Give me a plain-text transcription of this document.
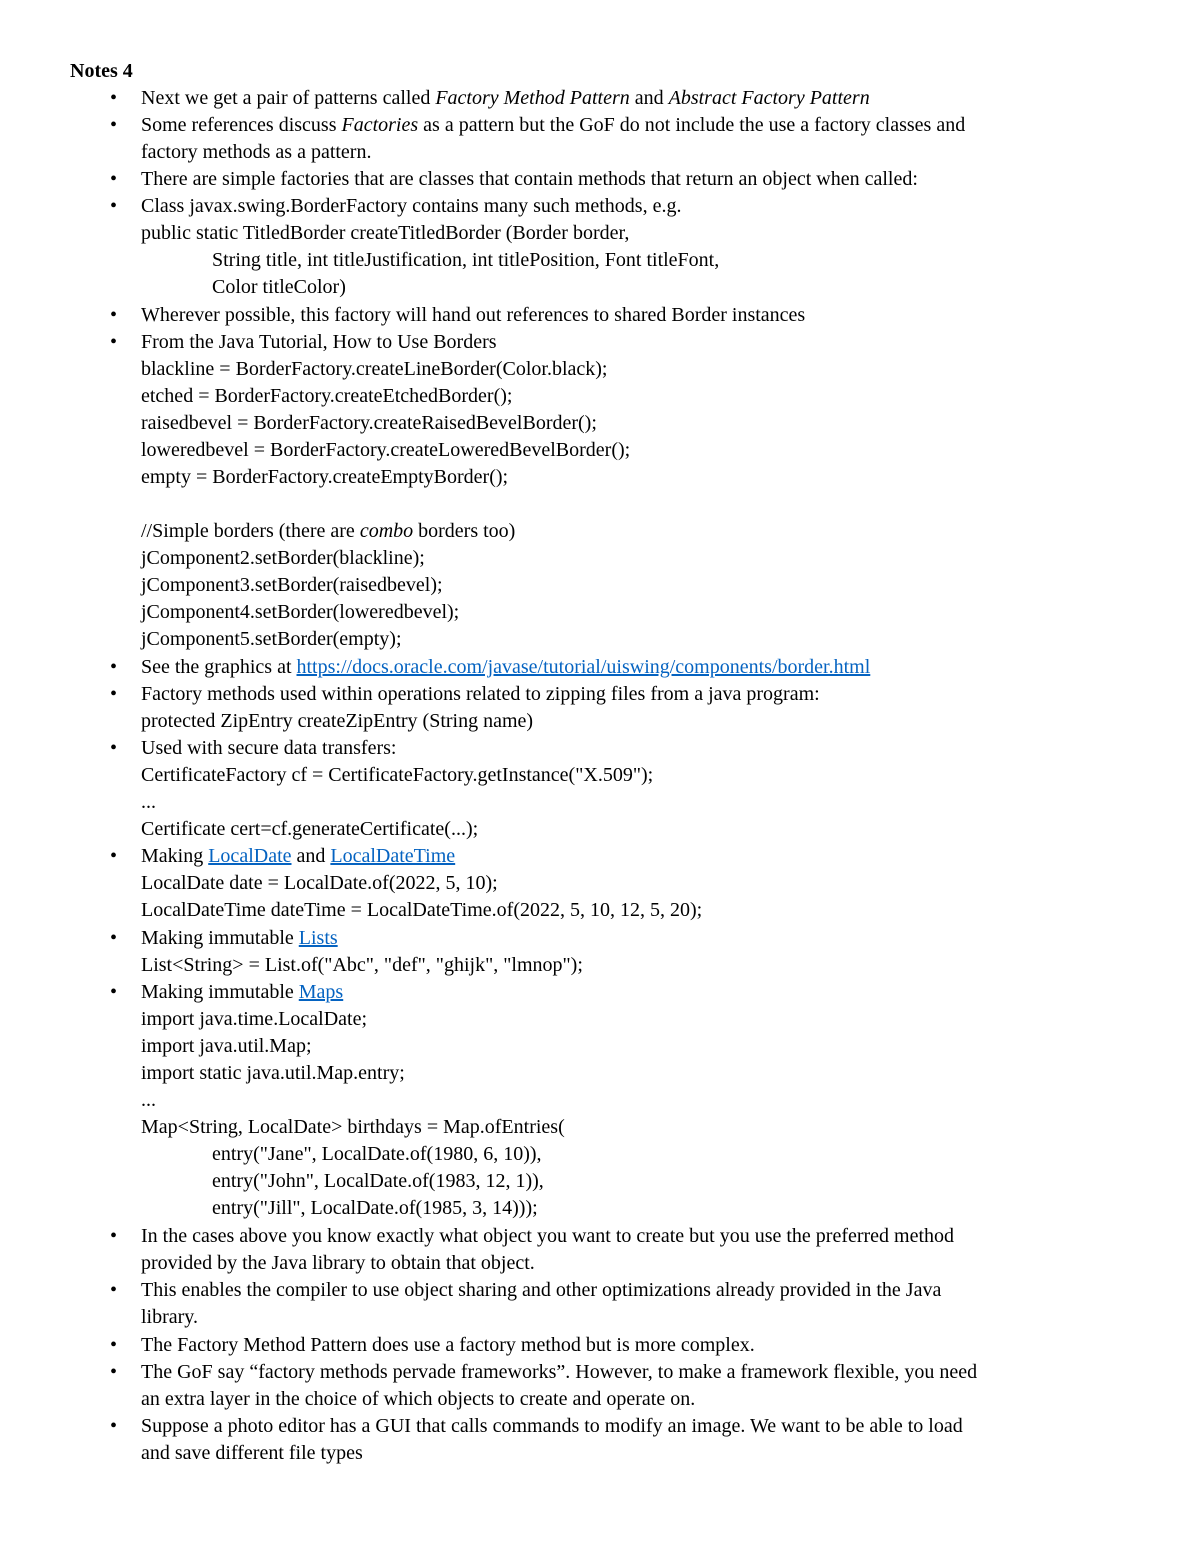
Notes 4
• Next we get a pair of patterns called Factory Method Pattern and Abstract Factory Pattern
• Some references discuss Factories as a pattern but the GoF do not include the use a factory classes and
factory methods as a pattern.
• There are simple factories that are classes that contain methods that return an object when called:
• Class javax.swing.BorderFactory contains many such methods, e.g.
public static TitledBorder createTitledBorder (Border border,
String title, int titleJustification, int titlePosition, Font titleFont,
Color titleColor)
• Wherever possible, this factory will hand out references to shared Border instances
• From the Java Tutorial, How to Use Borders
blackline = BorderFactory.createLineBorder(Color.black);
etched = BorderFactory.createEtchedBorder();
raisedbevel = BorderFactory.createRaisedBevelBorder();
loweredbevel = BorderFactory.createLoweredBevelBorder();
empty = BorderFactory.createEmptyBorder();
//Simple borders (there are combo borders too)
jComponent2.setBorder(blackline);
jComponent3.setBorder(raisedbevel);
jComponent4.setBorder(loweredbevel);
jComponent5.setBorder(empty);
• See the graphics at https://docs.oracle.com/javase/tutorial/uiswing/components/border.html
• Factory methods used within operations related to zipping files from a java program:
protected ZipEntry createZipEntry (String name)
• Used with secure data transfers:
CertificateFactory cf = CertificateFactory.getInstance("X.509");
...
Certificate cert=cf.generateCertificate(...);
• Making LocalDate and LocalDateTime
LocalDate date = LocalDate.of(2022, 5, 10);
LocalDateTime dateTime = LocalDateTime.of(2022, 5, 10, 12, 5, 20);
• Making immutable Lists
List<String> = List.of("Abc", "def", "ghijk", "lmnop");
• Making immutable Maps
import java.time.LocalDate;
import java.util.Map;
import static java.util.Map.entry;
...
Map<String, LocalDate> birthdays = Map.ofEntries(
entry("Jane", LocalDate.of(1980, 6, 10)),
entry("John", LocalDate.of(1983, 12, 1)),
entry("Jill", LocalDate.of(1985, 3, 14)));
• In the cases above you know exactly what object you want to create but you use the preferred method
provided by the Java library to obtain that object.
• This enables the compiler to use object sharing and other optimizations already provided in the Java
library.
• The Factory Method Pattern does use a factory method but is more complex.
• The GoF say “factory methods pervade frameworks”. However, to make a framework flexible, you need
an extra layer in the choice of which objects to create and operate on.
• Suppose a photo editor has a GUI that calls commands to modify an image. We want to be able to load
and save different file types
